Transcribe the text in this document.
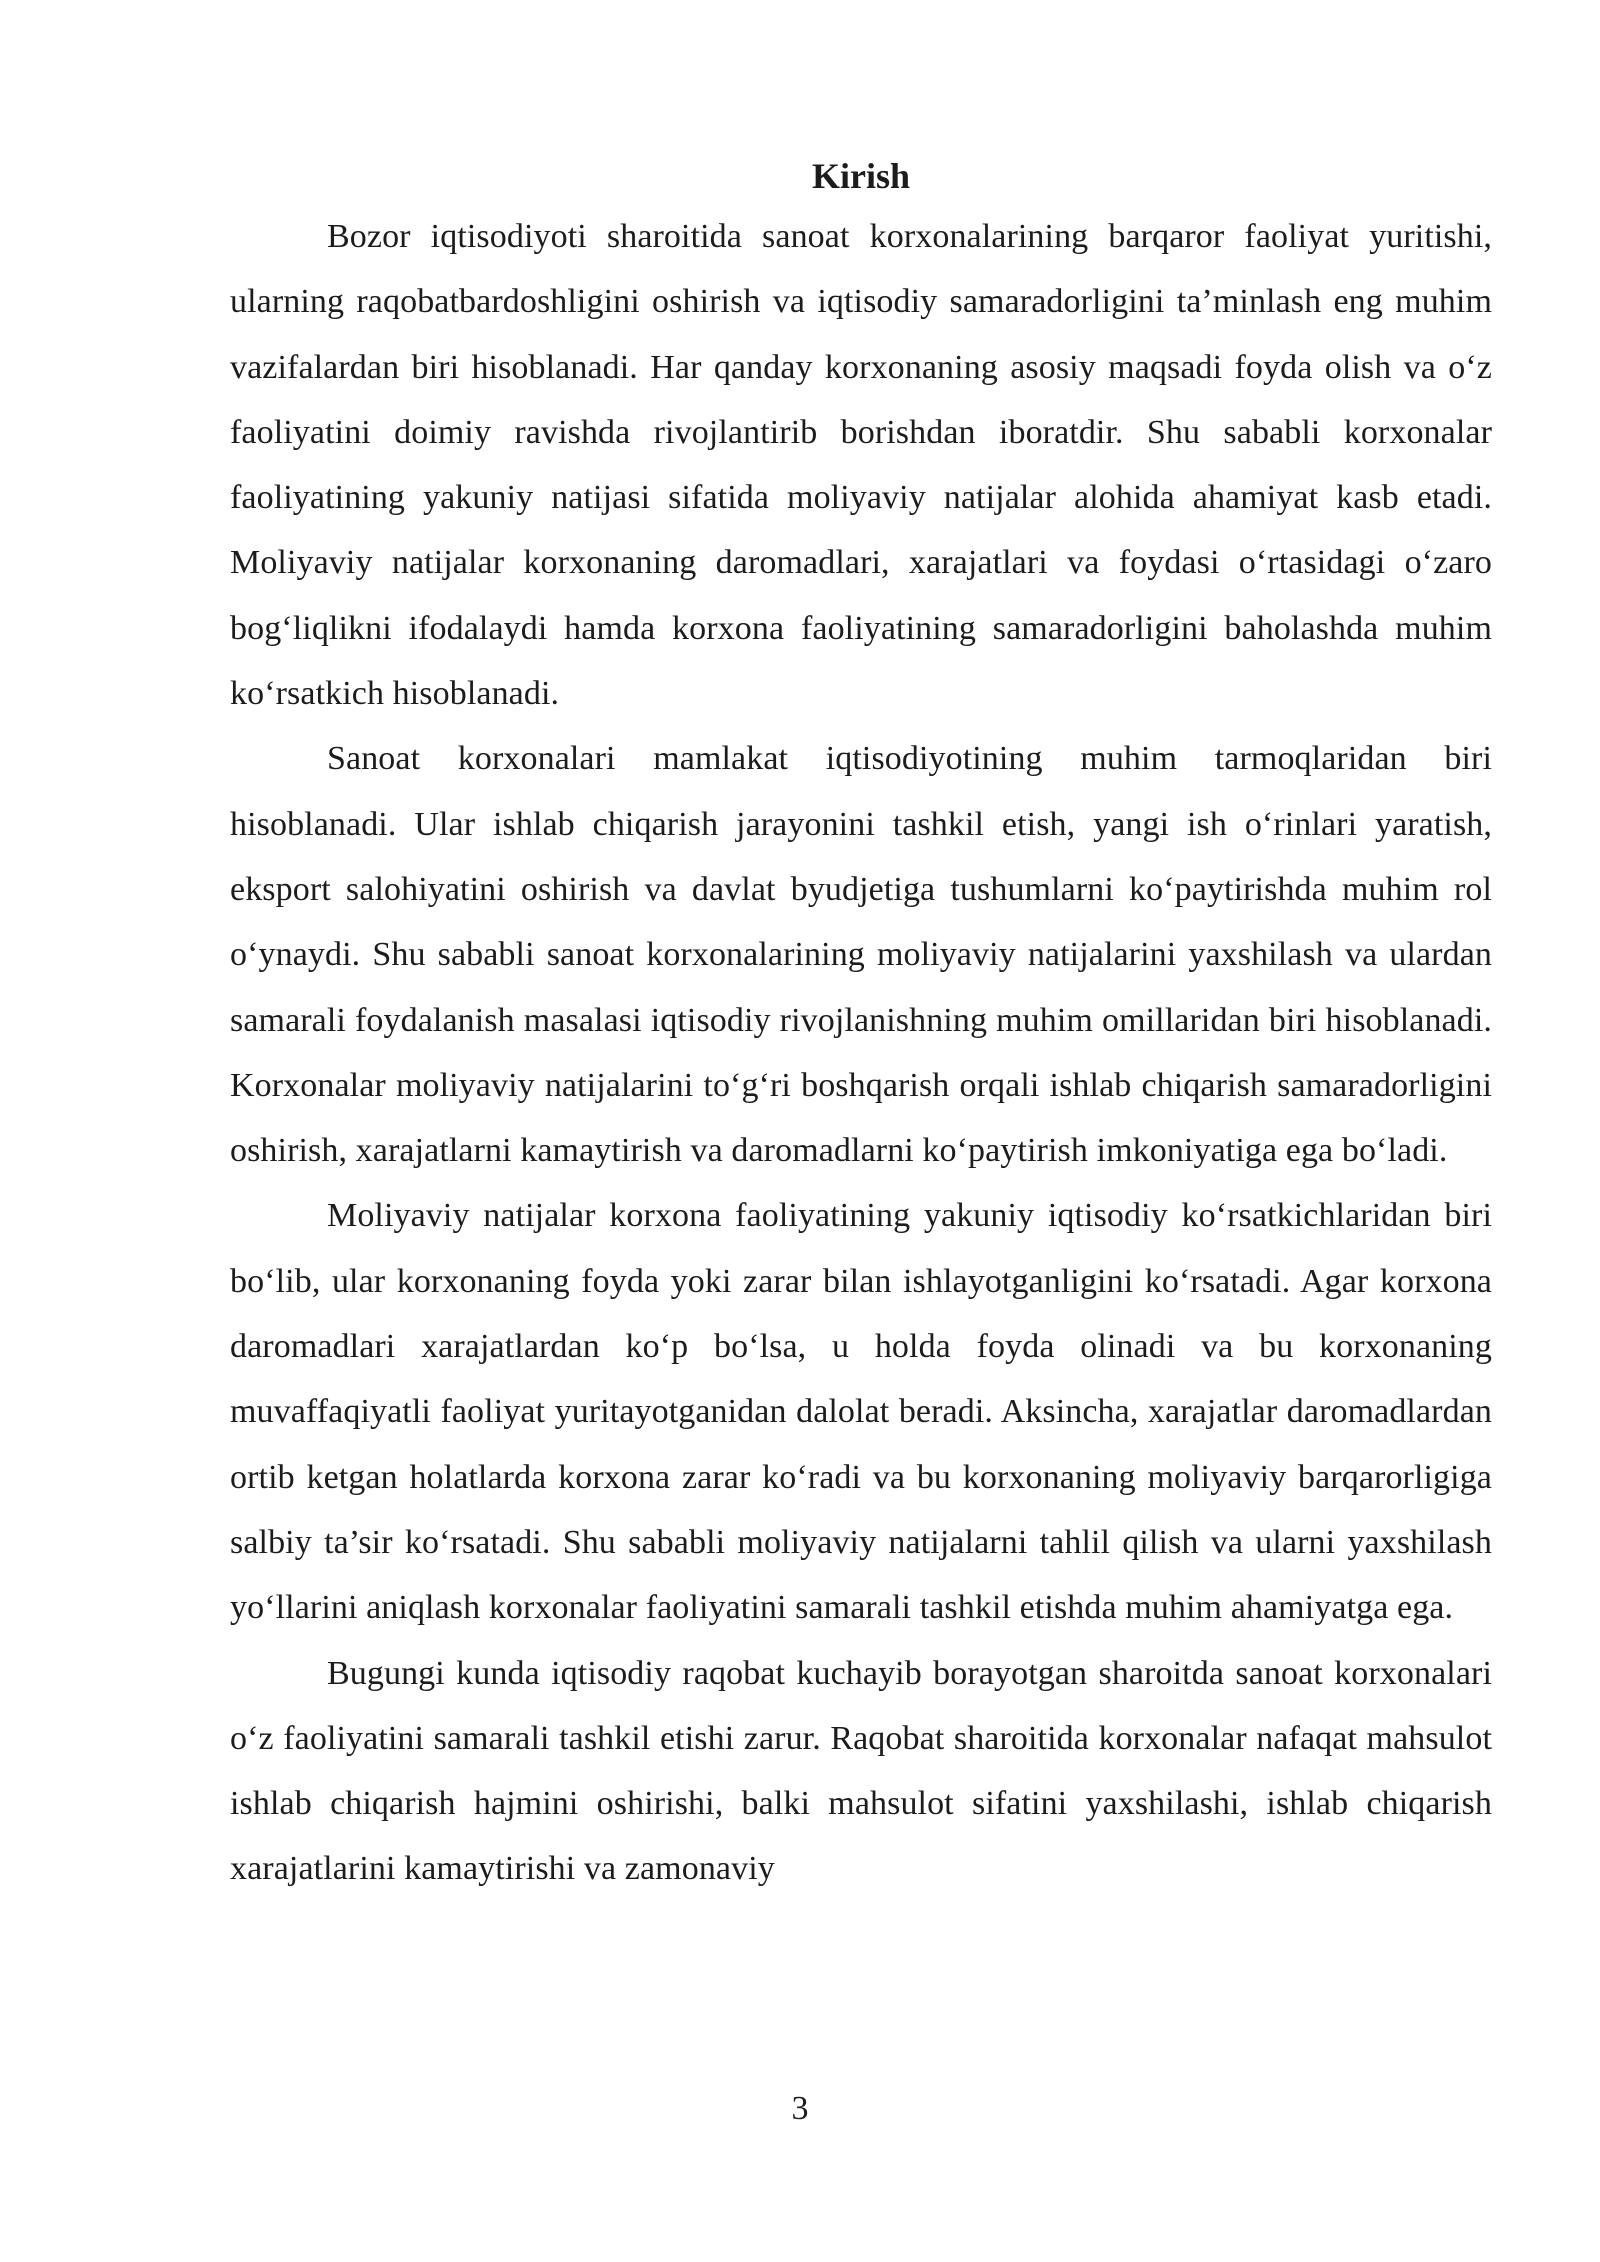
Kirish

Bozor iqtisodiyoti sharoitida sanoat korxonalarining barqaror faoliyat yuritishi, ularning raqobatbardoshligini oshirish va iqtisodiy samaradorligini ta’minlash eng muhim vazifalardan biri hisoblanadi. Har qanday korxonaning asosiy maqsadi foyda olish va o‘z faoliyatini doimiy ravishda rivojlantirib borishdan iboratdir. Shu sababli korxonalar faoliyatining yakuniy natijasi sifatida moliyaviy natijalar alohida ahamiyat kasb etadi. Moliyaviy natijalar korxonaning daromadlari, xarajatlari va foydasi o‘rtasidagi o‘zaro bog‘liqlikni ifodalaydi hamda korxona faoliyatining samaradorligini baholashda muhim ko‘rsatkich hisoblanadi.

Sanoat korxonalari mamlakat iqtisodiyotining muhim tarmoqlaridan biri hisoblanadi. Ular ishlab chiqarish jarayonini tashkil etish, yangi ish o‘rinlari yaratish, eksport salohiyatini oshirish va davlat byudjetiga tushumlarni ko‘paytirishda muhim rol o‘ynaydi. Shu sababli sanoat korxonalarining moliyaviy natijalarini yaxshilash va ulardan samarali foydalanish masalasi iqtisodiy rivojlanishning muhim omillaridan biri hisoblanadi. Korxonalar moliyaviy natijalarini to‘g‘ri boshqarish orqali ishlab chiqarish samaradorligini oshirish, xarajatlarni kamaytirish va daromadlarni ko‘paytirish imkoniyatiga ega bo‘ladi.

Moliyaviy natijalar korxona faoliyatining yakuniy iqtisodiy ko‘rsatkichlaridan biri bo‘lib, ular korxonaning foyda yoki zarar bilan ishlayotganligini ko‘rsatadi. Agar korxona daromadlari xarajatlardan ko‘p bo‘lsa, u holda foyda olinadi va bu korxonaning muvaffaqiyatli faoliyat yuritayotganidan dalolat beradi. Aksincha, xarajatlar daromadlardan ortib ketgan holatlarda korxona zarar ko‘radi va bu korxonaning moliyaviy barqarorligiga salbiy ta’sir ko‘rsatadi. Shu sababli moliyaviy natijalarni tahlil qilish va ularni yaxshilash yo‘llarini aniqlash korxonalar faoliyatini samarali tashkil etishda muhim ahamiyatga ega.

Bugungi kunda iqtisodiy raqobat kuchayib borayotgan sharoitda sanoat korxonalari o‘z faoliyatini samarali tashkil etishi zarur. Raqobat sharoitida korxonalar nafaqat mahsulot ishlab chiqarish hajmini oshirishi, balki mahsulot sifatini yaxshilashi, ishlab chiqarish xarajatlarini kamaytirishi va zamonaviy

3
